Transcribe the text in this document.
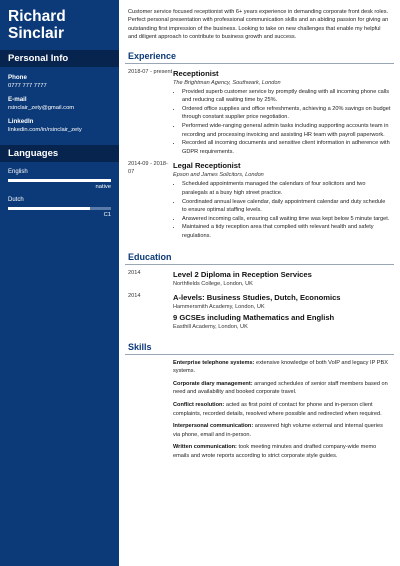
Richard
Sinclair
Personal Info
Phone
0777 777 7777
E-mail
rsinclair_zety@gmail.com
LinkedIn
linkedin.com/in/rsinclair_zety
Languages
English
native
Dutch
C1
Customer service focused receptionist with 6+ years experience in demanding corporate front desk roles. Perfect personal presentation with professional communication skills and an abiding passion for giving an outstanding first impression of the business. Looking to take on new challenges that enable my helpful and diligent approach to contribute to business growth and success.
Experience
2018-07 - present Receptionist
The Brightman Agency, Southwark, London
• Provided superb customer service by promptly dealing with all incoming phone calls and reducing call waiting time by 25%.
• Ordered office supplies and office refreshments, achieving a 20% savings on budget through constant supplier price negotiation.
• Performed wide-ranging general admin tasks including supporting accounts team in recording and processing invoicing and assisting HR team with payroll paperwork.
• Recorded all incoming documents and sensitive client information in adherence with GDPR requirements.
2014-09 - 2018-07
Legal Receptionist
Epson and James Solicitors, London
• Scheduled appointments managed the calendars of four solicitors and two paralegals at a busy high street practice.
• Coordinated annual leave calendar, daily appointment calendar and duty schedule to ensure optimal staffing levels.
• Answered incoming calls, ensuring call waiting time was kept below 5 minute target.
• Maintained a tidy reception area that complied with relevant health and safety regulations.
Education
2014	Level 2 Diploma in Reception Services
Northfields College, London, UK
2014	A-levels: Business Studies, Dutch, Economics
Hammersmith Academy, London, UK
9 GCSEs including Mathematics and English
Easthill Academy, London, UK
Skills
Enterprise telephone systems: extensive knowledge of both VoIP and legacy IP PBX systems.
Corporate diary management: arranged schedules of senior staff members based on need and availability and booked corporate travel.
Conflict resolution: acted as first point of contact for phone and in-person client complaints, recorded details, resolved where possible and redirected when required.
Interpersonal communication: answered high volume external and internal queries via phone, email and in-person.
Written communication: took meeting minutes and drafted company-wide memo emails and wrote reports according to strict corporate style guides.
